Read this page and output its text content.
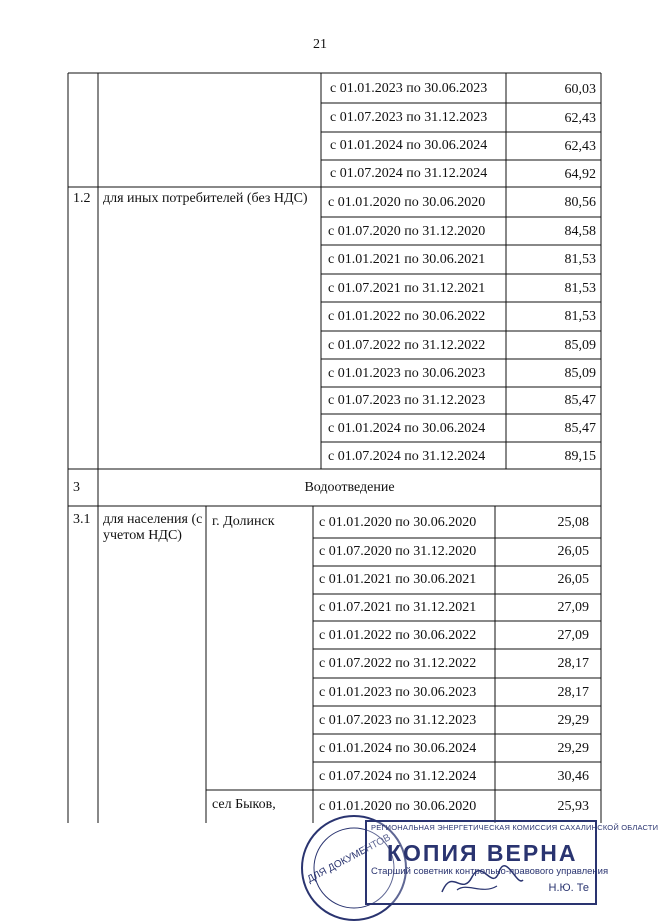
21
с 01.01.2023 по 30.06.2023	60,03
с 01.07.2023 по 31.12.2023	62,43
с 01.01.2024 по 30.06.2024	62,43
с 01.07.2024 по 31.12.2024	64,92
1.2 для иных потребителей (без НДС)	с 01.01.2020 по 30.06.2020	80,56
с 01.07.2020 по 31.12.2020	84,58
с 01.01.2021 по 30.06.2021	81,53
с 01.07.2021 по 31.12.2021	81,53
с 01.01.2022 по 30.06.2022	81,53
с 01.07.2022 по 31.12.2022	85,09
с 01.01.2023 по 30.06.2023	85,09
с 01.07.2023 по 31.12.2023	85,47
с 01.01.2024 по 30.06.2024	85,47
с 01.07.2024 по 31.12.2024	89,15
3	Водоотведение
3.1 для населения (с учетом НДС)
г. Долинск	с 01.01.2020 по 30.06.2020	25,08
с 01.07.2020 по 31.12.2020	26,05
с 01.01.2021 по 30.06.2021	26,05
с 01.07.2021 по 31.12.2021	27,09
с 01.01.2022 по 30.06.2022	27,09
с 01.07.2022 по 31.12.2022	28,17
с 01.01.2023 по 30.06.2023	28,17
с 01.07.2023 по 31.12.2023	29,29
с 01.01.2024 по 30.06.2024	29,29
с 01.07.2024 по 31.12.2024	30,46
сел Быков,	с 01.01.2020 по 30.06.2020	25,93
ДЛЯ ДОКУМЕНТОВ
РЕГИОНАЛЬНАЯ ЭНЕРГЕТИЧЕСКАЯ КОМИССИЯ САХАЛИНСКОЙ ОБЛАСТИ
КОПИЯ ВЕРНА
Старший советник контрольно-правового управления
Н.Ю. Те
